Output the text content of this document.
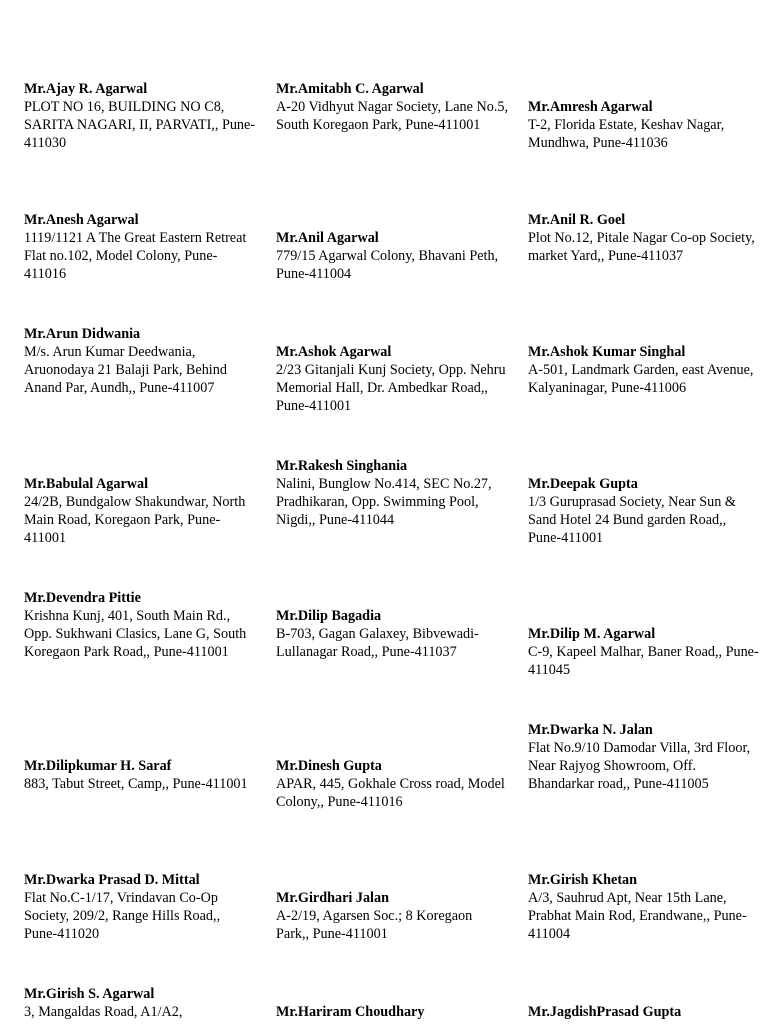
Mr.Ajay R. Agarwal
PLOT NO 16, BUILDING NO C8, SARITA NAGARI, II, PARVATI,, Pune-411030
Mr.Amitabh C. Agarwal
A-20 Vidhyut Nagar Society, Lane No.5, South Koregaon Park, Pune-411001
Mr.Amresh Agarwal
T-2, Florida Estate, Keshav Nagar, Mundhwa, Pune-411036
Mr.Anesh Agarwal
1119/1121 A The Great Eastern Retreat Flat no.102, Model Colony, Pune-411016
Mr.Anil Agarwal
779/15 Agarwal Colony, Bhavani Peth, Pune-411004
Mr.Anil R. Goel
Plot No.12, Pitale Nagar Co-op Society, market Yard,, Pune-411037
Mr.Arun Didwania
M/s. Arun Kumar Deedwania, Aruonodaya 21 Balaji Park, Behind Anand Par, Aundh,, Pune-411007
Mr.Ashok Agarwal
2/23 Gitanjali Kunj Society, Opp. Nehru Memorial Hall, Dr. Ambedkar Road,, Pune-411001
Mr.Ashok Kumar Singhal
A-501, Landmark Garden, east Avenue, Kalyaninagar, Pune-411006
Mr.Babulal Agarwal
24/2B, Bundgalow Shakundwar, North Main Road, Koregaon Park, Pune-411001
Mr.Rakesh Singhania
Nalini, Bunglow No.414, SEC No.27, Pradhikaran, Opp. Swimming Pool, Nigdi,, Pune-411044
Mr.Deepak Gupta
1/3 Guruprasad Society, Near Sun & Sand Hotel 24 Bund garden Road,, Pune-411001
Mr.Devendra Pittie
Krishna Kunj, 401, South Main Rd., Opp. Sukhwani Clasics, Lane G, South Koregaon Park Road,, Pune-411001
Mr.Dilip Bagadia
B-703, Gagan Galaxey, Bibvewadi-Lullanagar Road,, Pune-411037
Mr.Dilip M. Agarwal
C-9, Kapeel Malhar, Baner Road,, Pune-411045
Mr.Dilipkumar H. Saraf
883, Tabut Street, Camp,, Pune-411001
Mr.Dinesh Gupta
APAR, 445, Gokhale Cross road, Model Colony,, Pune-411016
Mr.Dwarka N. Jalan
Flat No.9/10 Damodar Villa, 3rd Floor, Near Rajyog Showroom, Off. Bhandarkar road,, Pune-411005
Mr.Dwarka Prasad D. Mittal
Flat No.C-1/17, Vrindavan Co-Op Society, 209/2, Range Hills Road,, Pune-411020
Mr.Girdhari Jalan
A-2/19, Agarsen Soc.; 8 Koregaon Park,, Pune-411001
Mr.Girish Khetan
A/3, Sauhrud Apt, Near 15th Lane, Prabhat Main Rod, Erandwane,, Pune-411004
Mr.Girish S. Agarwal
3, Mangaldas Road, A1/A2,	Mr.Hariram Choudhary	Mr.JagdishPrasad Gupta
